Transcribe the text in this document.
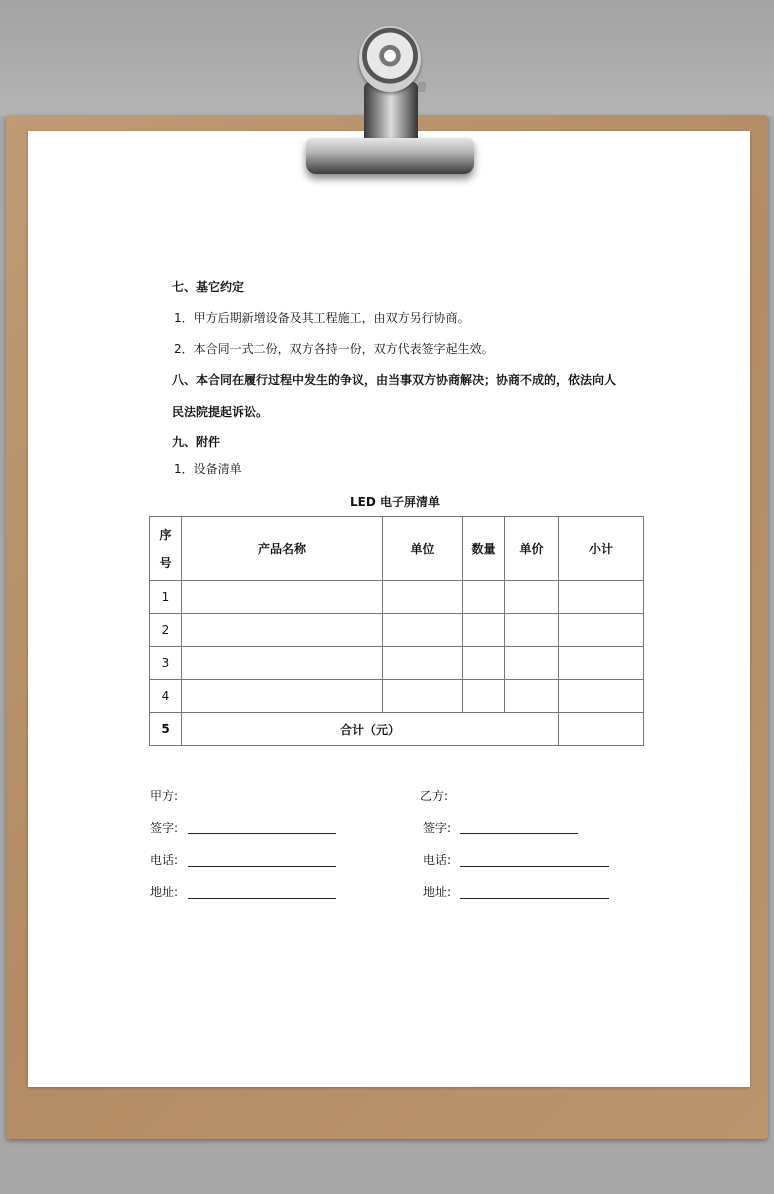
七、基它约定
1．甲方后期新增设备及其工程施工，由双方另行协商。
2．本合同一式二份，双方各持一份，双方代表签字起生效。
八、本合同在履行过程中发生的争议，由当事双方协商解决；协商不成的，依法向人
民法院提起诉讼。
九、附件
1．设备清单
LED 电子屏清单
序
号	产品名称	单位	数量	单价	小计
1					
2					
3					
4					
5	合计（元）				
甲方:	乙方:
签字:	签字:
电话:	电话:
地址:	地址:
